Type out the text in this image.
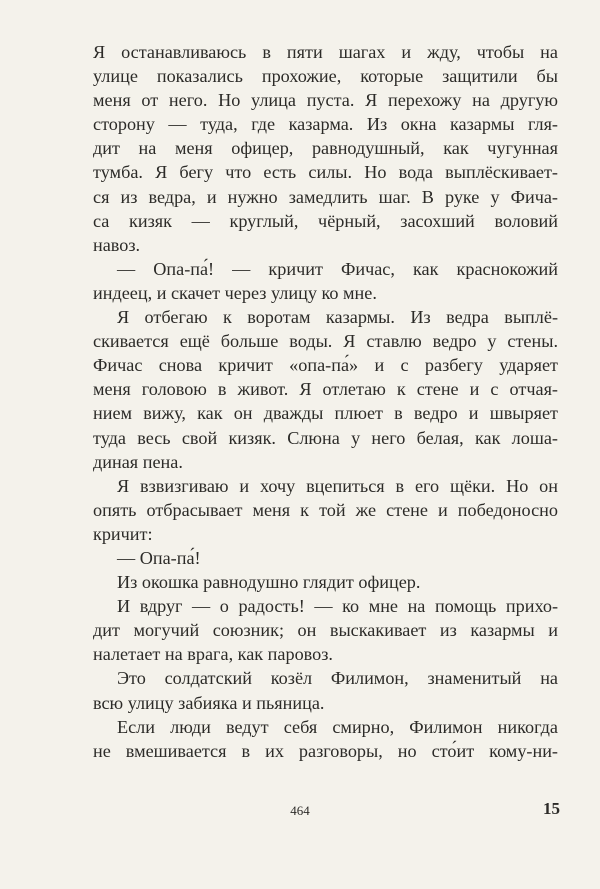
Я останавливаюсь в пяти шагах и жду, чтобы на
улице показались прохожие, которые защитили бы
меня от него. Но улица пуста. Я перехожу на другую
сторону — туда, где казарма. Из окна казармы гля-
дит на меня офицер, равнодушный, как чугунная
тумба. Я бегу что есть силы. Но вода выплёскивает-
ся из ведра, и нужно замедлить шаг. В руке у Фича-
са кизяк — круглый, чёрный, засохший воловий
навоз.
— Опа-па́! — кричит Фичас, как краснокожий
индеец, и скачет через улицу ко мне.
Я отбегаю к воротам казармы. Из ведра выплё-
скивается ещё больше воды. Я ставлю ведро у стены.
Фичас снова кричит «опа-па́» и с разбегу ударяет
меня головою в живот. Я отлетаю к стене и с отчая-
нием вижу, как он дважды плюет в ведро и швыряет
туда весь свой кизяк. Слюна у него белая, как лоша-
диная пена.
Я взвизгиваю и хочу вцепиться в его щёки. Но он
опять отбрасывает меня к той же стене и победоносно
кричит:
— Опа-па́!
Из окошка равнодушно глядит офицер.
И вдруг — о радость! — ко мне на помощь прихо-
дит могучий союзник; он выскакивает из казармы и
налетает на врага, как паровоз.
Это солдатский козёл Филимон, знаменитый на
всю улицу забияка и пьяница.
Если люди ведут себя смирно, Филимон никогда
не вмешивается в их разговоры, но сто́ит кому-ни-
464	15
